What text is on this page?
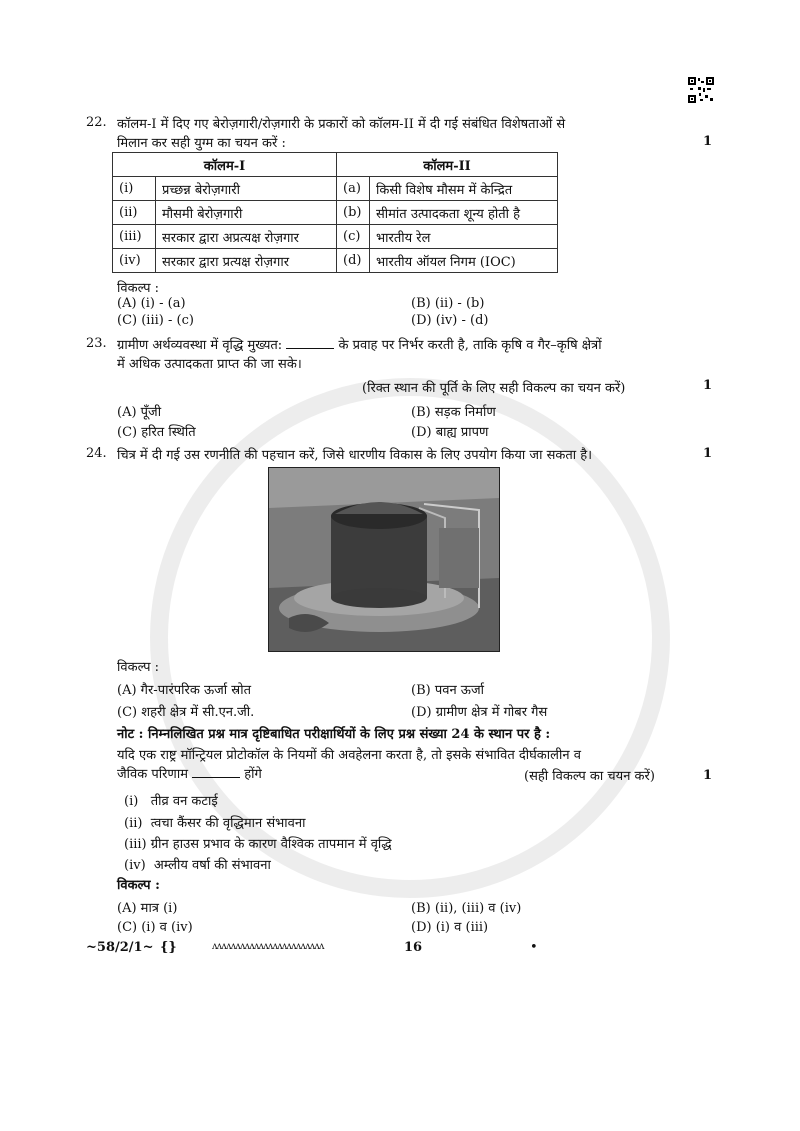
22. कॉलम-I में दिए गए बेरोज़गारी/रोज़गारी के प्रकारों को कॉलम-II में दी गई संबंधित विशेषताओं से
मिलान कर सही युग्म का चयन करें :	1
कॉलम-I		कॉलम-II	
(i)	प्रच्छन्न बेरोज़गारी	(a)	किसी विशेष मौसम में केन्द्रित
(ii)	मौसमी बेरोज़गारी	(b)	सीमांत उत्पादकता शून्य होती है
(iii)	सरकार द्वारा अप्रत्यक्ष रोज़गार	(c)	भारतीय रेल
(iv)	सरकार द्वारा प्रत्यक्ष रोज़गार	(d)	भारतीय ऑयल निगम (IOC)
विकल्प :
(A) (i) - (a)	(B) (ii) - (b)
(C) (iii) - (c)	(D) (iv) - (d)
23. ग्रामीण अर्थव्यवस्था में वृद्धि मुख्यत:	के प्रवाह पर निर्भर करती है, ताकि कृषि व गैर–कृषि क्षेत्रों
में अधिक उत्पादकता प्राप्त की जा सके।
(रिक्त स्थान की पूर्ति के लिए सही विकल्प का चयन करें)	1
(A) पूँजी	(B) सड़क निर्माण
(C) हरित स्थिति	(D) बाह्य प्रापण
24. चित्र में दी गई उस रणनीति की पहचान करें, जिसे धारणीय विकास के लिए उपयोग किया जा सकता है।	1
विकल्प :
(A) गैर-पारंपरिक ऊर्जा स्रोत	(B) पवन ऊर्जा
(C) शहरी क्षेत्र में सी.एन.जी.	(D) ग्रामीण क्षेत्र में गोबर गैस
नोट : निम्नलिखित प्रश्न मात्र दृष्टिबाधित परीक्षार्थियों के लिए प्रश्न संख्या 24 के स्थान पर है :
यदि एक राष्ट्र मॉन्ट्रियल प्रोटोकॉल के नियमों की अवहेलना करता है, तो इसके संभावित दीर्घकालीन व
जैविक परिणाम	होंगे	(सही विकल्प का चयन करें)	1
(i)   तीव्र वन कटाई
(ii)  त्वचा कैंसर की वृद्धिमान संभावना
(iii) ग्रीन हाउस प्रभाव के कारण वैश्विक तापमान में वृद्धि
(iv)  अम्लीय वर्षा की संभावना
विकल्प :
(A) मात्र (i)	(B) (ii), (iii) व (iv)
(C) (i) व (iv)	(D) (i) व (iii)
~58/2/1~ {}	ʌʌʌʌʌʌʌʌʌʌʌʌʌʌʌʌʌʌʌʌʌʌʌʌ	16	•
